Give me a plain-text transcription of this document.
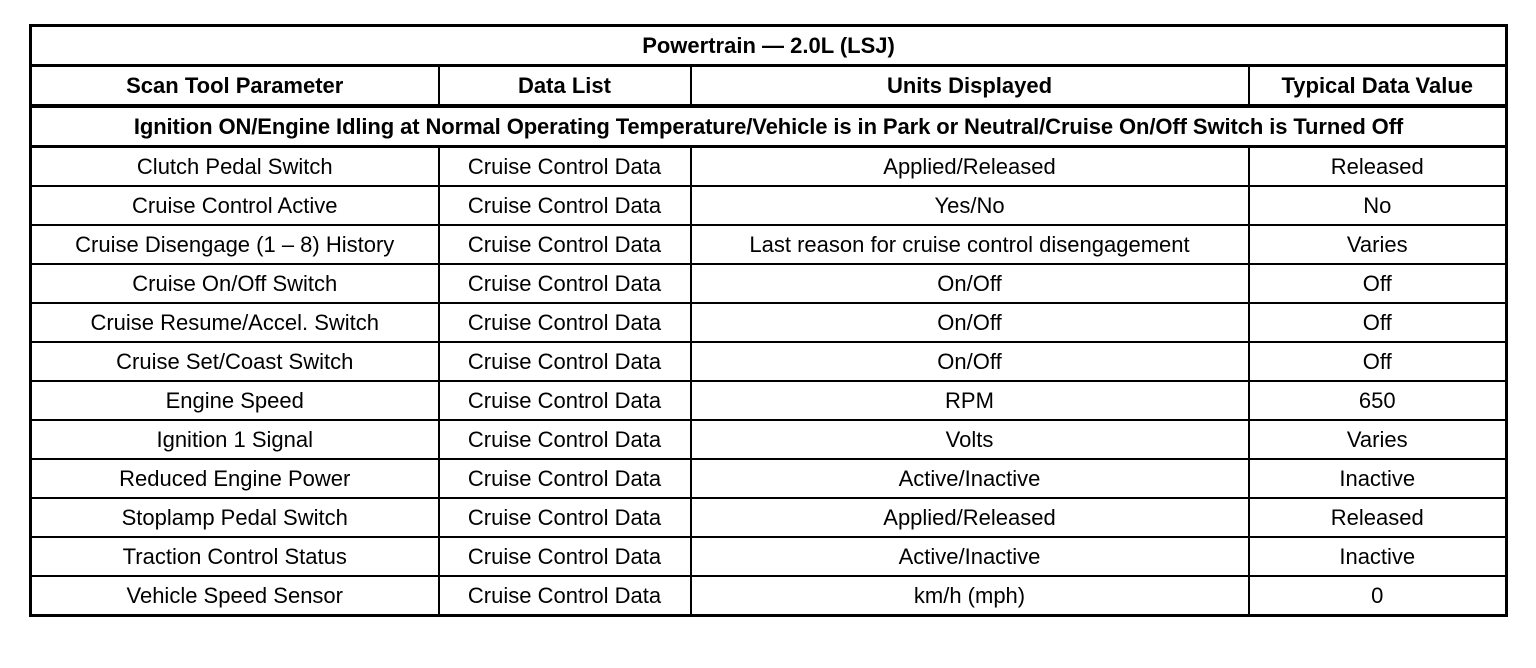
Powertrain — 2.0L (LSJ)			
Scan Tool Parameter	Data List	Units Displayed	Typical Data Value
Ignition ON/Engine Idling at Normal Operating Temperature/Vehicle is in Park or Neutral/Cruise On/Off Switch is Turned Off			
Clutch Pedal Switch	Cruise Control Data	Applied/Released	Released
Cruise Control Active	Cruise Control Data	Yes/No	No
Cruise Disengage (1 – 8) History	Cruise Control Data	Last reason for cruise control disengagement	Varies
Cruise On/Off Switch	Cruise Control Data	On/Off	Off
Cruise Resume/Accel. Switch	Cruise Control Data	On/Off	Off
Cruise Set/Coast Switch	Cruise Control Data	On/Off	Off
Engine Speed	Cruise Control Data	RPM	650
Ignition 1 Signal	Cruise Control Data	Volts	Varies
Reduced Engine Power	Cruise Control Data	Active/Inactive	Inactive
Stoplamp Pedal Switch	Cruise Control Data	Applied/Released	Released
Traction Control Status	Cruise Control Data	Active/Inactive	Inactive
Vehicle Speed Sensor	Cruise Control Data	km/h (mph)	0
